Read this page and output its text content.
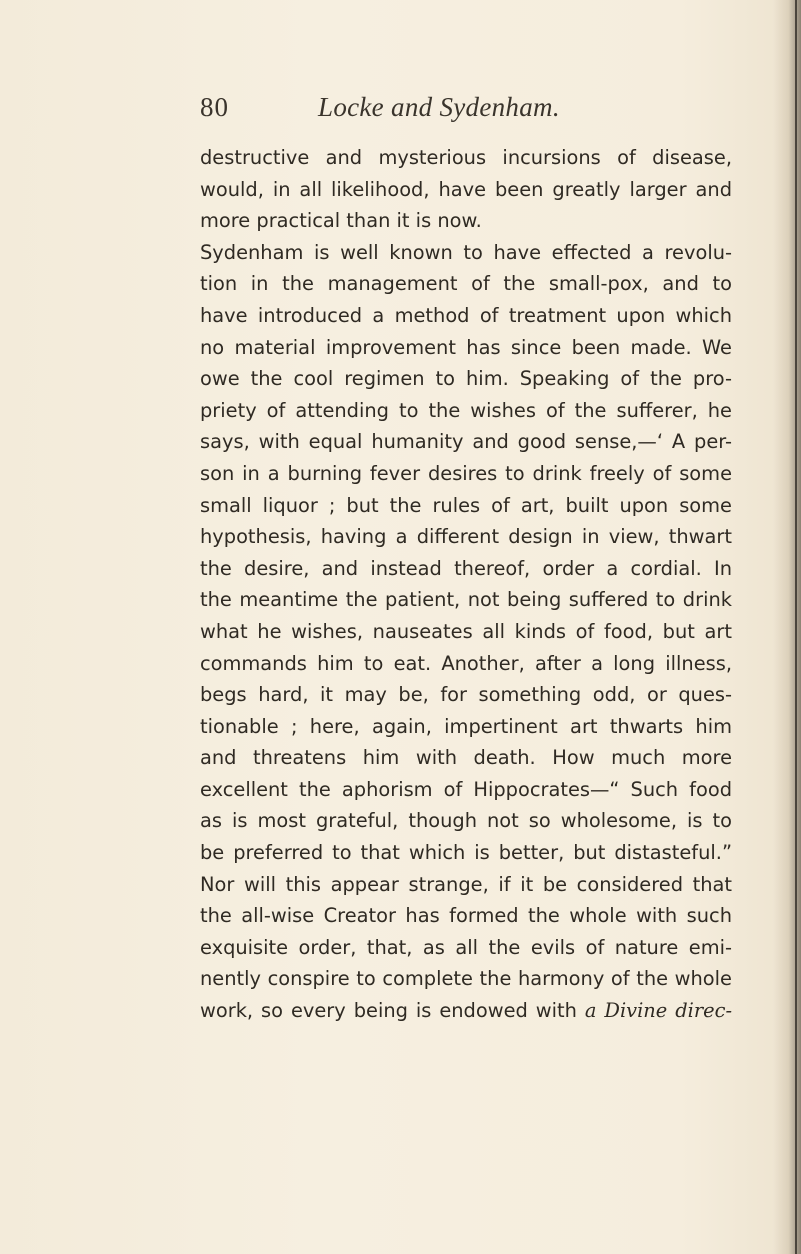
80	Locke and Sydenham.
destructive and mysterious incursions of disease,
would, in all likelihood, have been greatly larger and
more practical than it is now.
Sydenham is well known to have effected a revolu-
tion in the management of the small-pox, and to
have introduced a method of treatment upon which
no material improvement has since been made. We
owe the cool regimen to him. Speaking of the pro-
priety of attending to the wishes of the sufferer, he
says, with equal humanity and good sense,—‘ A per-
son in a burning fever desires to drink freely of some
small liquor ; but the rules of art, built upon some
hypothesis, having a different design in view, thwart
the desire, and instead thereof, order a cordial. In
the meantime the patient, not being suffered to drink
what he wishes, nauseates all kinds of food, but art
commands him to eat. Another, after a long illness,
begs hard, it may be, for something odd, or ques-
tionable ; here, again, impertinent art thwarts him
and threatens him with death. How much more
excellent the aphorism of Hippocrates—“ Such food
as is most grateful, though not so wholesome, is to
be preferred to that which is better, but distasteful.”
Nor will this appear strange, if it be considered that
the all-wise Creator has formed the whole with such
exquisite order, that, as all the evils of nature emi-
nently conspire to complete the harmony of the whole
work, so every being is endowed with a Divine direc-
